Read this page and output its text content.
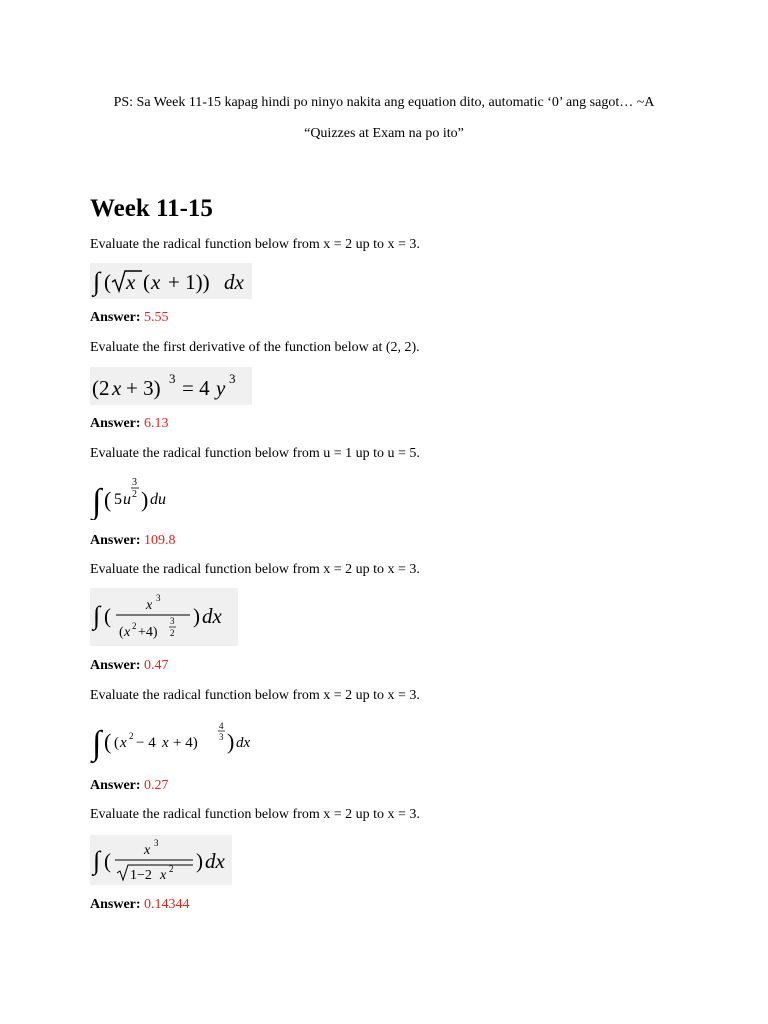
PS: Sa Week 11-15 kapag hindi po ninyo nakita ang equation dito, automatic ‘0’ ang sagot… ~A
“Quizzes at Exam na po ito”
Week 11-15
Evaluate the radical function below from x = 2 up to x = 3.
∫ ( x ( x + 1)) dx
Answer: 5.55
Evaluate the first derivative of the function below at (2, 2).
(2 x + 3) 3 = 4 y 3
Answer: 6.13
Evaluate the radical function below from u = 1 up to u = 5.
∫ ( 5 u
3
2 ) du
Answer: 109.8
Evaluate the radical function below from x = 2 up to x = 3.
∫ (	x 3
( x 2 +4)
3
2
) dx
Answer: 0.47
Evaluate the radical function below from x = 2 up to x = 3.
∫ ( ( x 2 − 4 x + 4)
4
3 ) dx
Answer: 0.27
Evaluate the radical function below from x = 2 up to x = 3.
∫ ( x 3
1−2 x 2 ) dx
Answer: 0.14344
